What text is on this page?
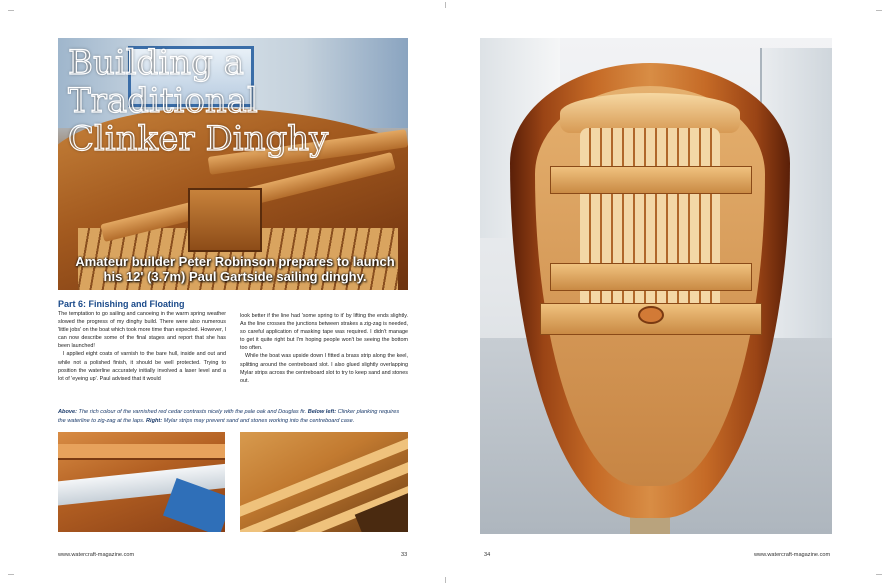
Building a Traditional
Clinker Dinghy
Amateur builder Peter Robinson prepares to launch
his 12' (3.7m) Paul Gartside sailing dinghy.
Part 6: Finishing and Floating

The temptation to go sailing and canoeing in the warm spring weather slowed the progress of my dinghy build. There were also numerous 'little jobs' on the boat which took more time than expected. However, I can now describe some of the final stages and report that she has been launched!

I applied eight coats of varnish to the bare hull, inside and out and while not a polished finish, it should be well protected. Trying to position the waterline accurately initially involved a laser level and a lot of 'eyeing up'. Paul advised that it would

look better if the line had 'some spring to it' by lifting the ends slightly. As the line crosses the junctions between strakes a zig-zag is needed, so careful application of masking tape was required. I didn't manage to get it quite right but I'm hoping people won't be seeing the bottom too often.

While the boat was upside down I fitted a brass strip along the keel, splitting around the centreboard slot. I also glued slightly overlapping Mylar strips across the centreboard slot to try to keep sand and stones out.

Above: The rich colour of the varnished red cedar contrasts nicely with the pale oak and Douglas fir. Below left: Clinker planking requires the waterline to zig-zag at the laps. Right: Mylar strips may prevent sand and stones working into the centreboard case.
www.watercraft-magazine.com	33	34	www.watercraft-magazine.com
